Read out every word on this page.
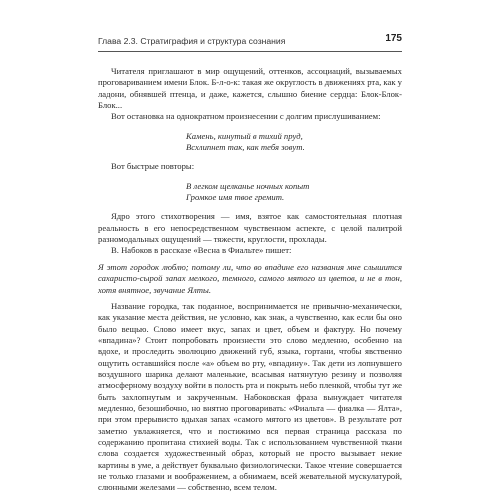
Глава 2.3. Стратиграфия и структура сознания	175

Читателя приглашают в мир ощущений, оттенков, ассоциаций, вызываемых проговариванием имени Блок. Б-л-о-к: такая же округлость в движениях рта, как у ладони, обнявшей птенца, и даже, кажется, слышно биение сердца: Блок-Блок-Блок...

Вот остановка на однократном произнесении с долгим прислушиванием:

Камень, кинутый в тихий пруд,

Всхлипнет так, как тебя зовут.

Вот быстрые повторы:

В легком щелканье ночных копыт

Громкое имя твое гремит.

Ядро этого стихотворения — имя, взятое как самостоятельная плотная реальность в его непосредственном чувственном аспекте, с целой палитрой разномодальных ощущений — тяжести, круглости, прохлады.

В. Набоков в рассказе «Весна в Фиальте» пишет:

Я этот городок люблю; потому ли, что во впадине его названия мне слышится сахаристо-сырой запах мелкого, темного, самого мятого из цветов, и не в тон, хотя внятное, звучание Ялты.

Название городка, так поданное, воспринимается не привычно-механически, как указание места действия, не условно, как знак, а чувственно, как если бы оно было вещью. Слово имеет вкус, запах и цвет, объем и фактуру. Но почему «впадина»? Стоит попробовать произнести это слово медленно, особенно на вдохе, и проследить эволюцию движений губ, языка, гортани, чтобы явственно ощутить оставшийся после «а» объем во рту, «впадину». Так дети из лопнувшего воздушного шарика делают маленькие, всасывая натянутую резину и позволяя атмосферному воздуху войти в полость рта и покрыть небо пленкой, чтобы тут же быть захлопнутым и закрученным. Набоковская фраза вынуждает читателя медленно, безошибочно, но внятно проговаривать: «Фиальта — фиалка — Ялта», при этом прерывисто вдыхая запах «самого мятого из цветов». В результате рот заметно увлажняется, что и постижимо вся первая страница рассказа по содержанию пропитана стихией воды. Так с использованием чувственной ткани слова создается художественный образ, который не просто вызывает некие картины в уме, а действует буквально физиологически. Такое чтение совершается не только глазами и воображением, а обнимаем, всей жевательной мускулатурой, слюнными железами — собственно, всем телом.
